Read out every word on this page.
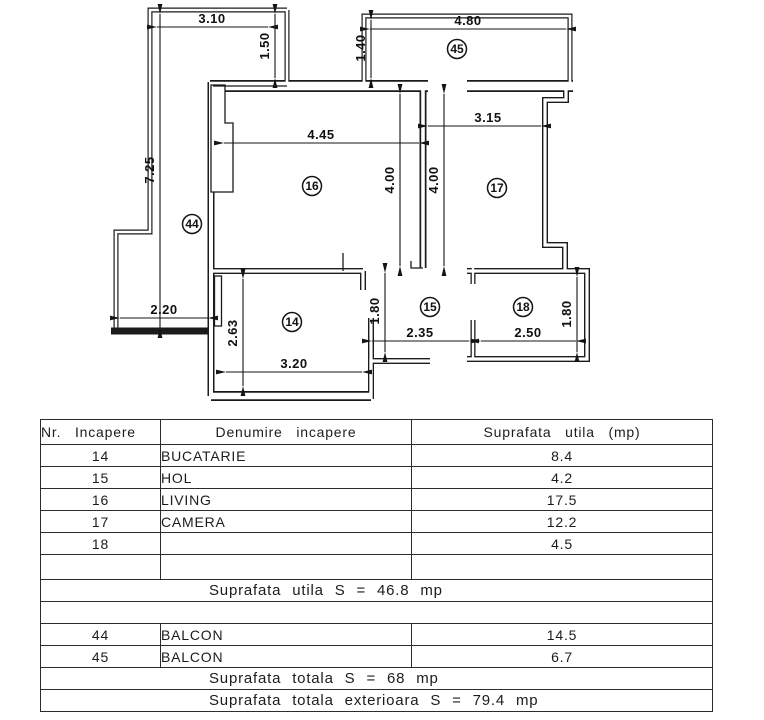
3.10
1.50
7.25
2.20
4.80
1.40
4.45
4.00 4.00
3.15
2.63
3.20
1.80
2.35	2.50
1.80
14
15
16	17
18
44
45
Nr. Incapere	Denumire incapere	Suprafata utila (mp)
14	BUCATARIE	8.4
15	HOL	4.2
16	LIVING	17.5
17	CAMERA	12.2
18		4.5

Suprafata utila S = 46.8 mp		

44	BALCON	14.5
45	BALCON	6.7
Suprafata totala S = 68 mp		
Suprafata totala exterioara S = 79.4 mp		
